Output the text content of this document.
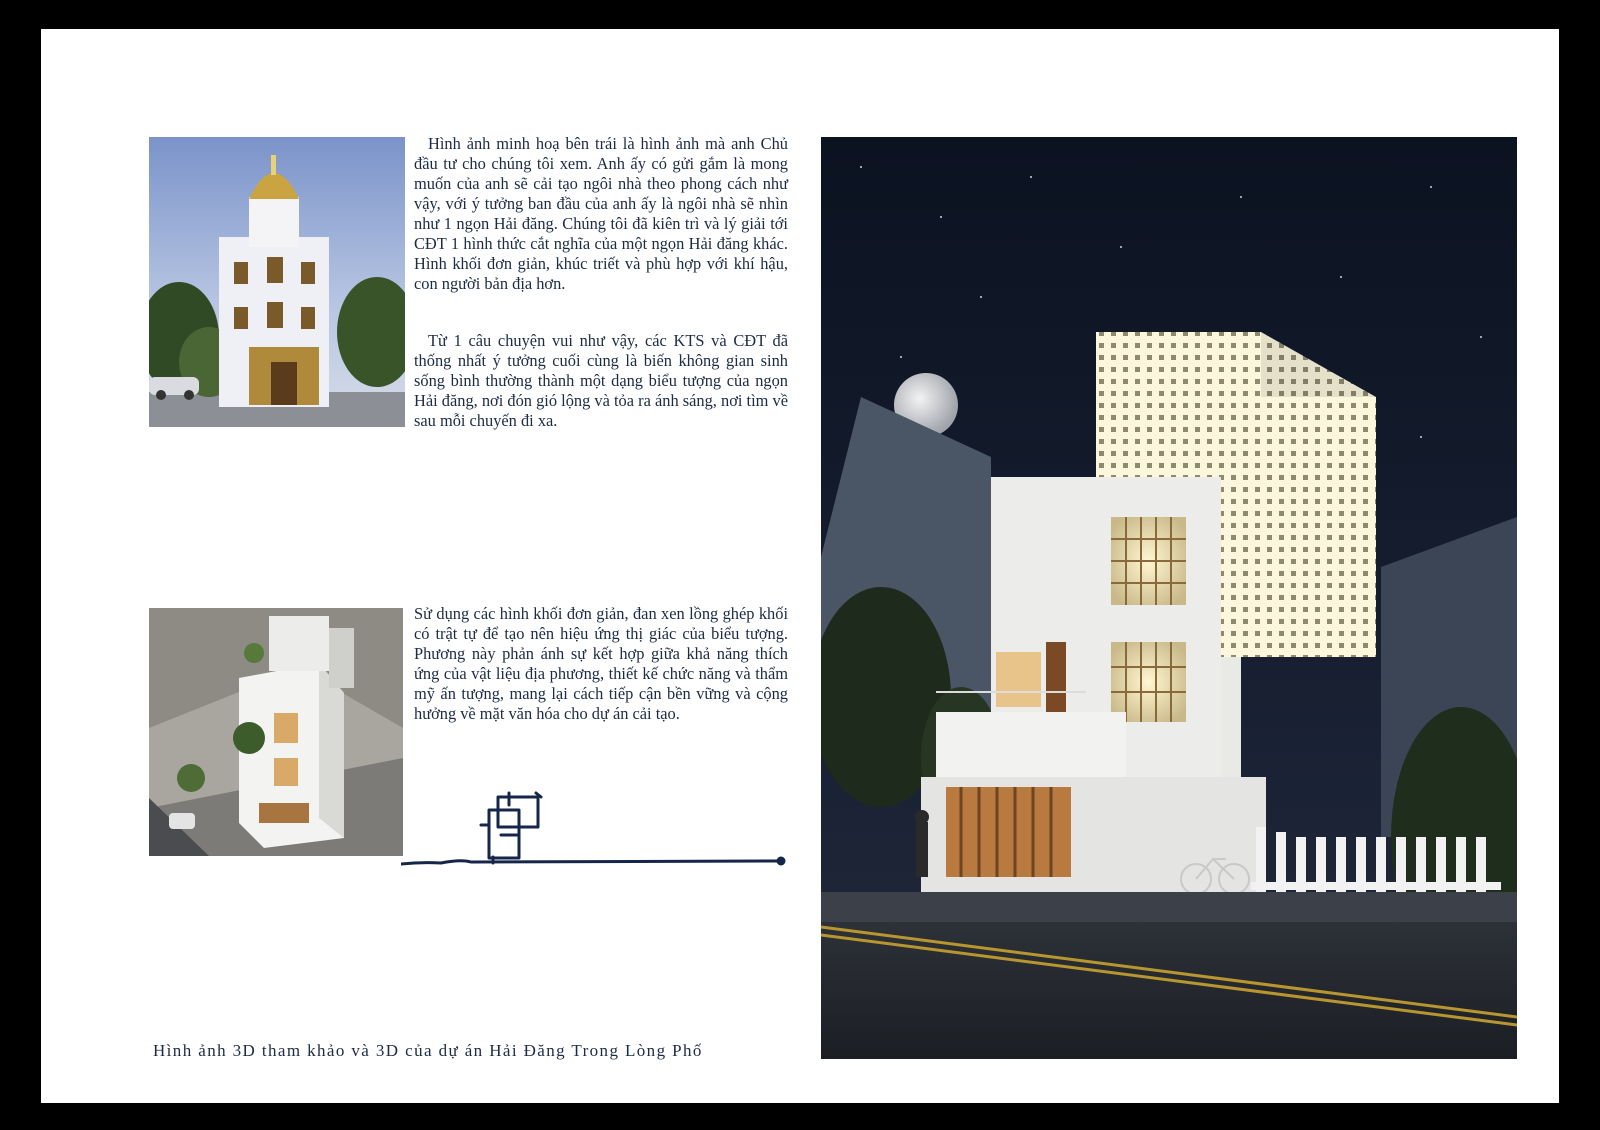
Hình ảnh minh hoạ bên trái là hình ảnh mà anh Chủ đầu tư cho chúng tôi xem. Anh ấy có gửi gắm là mong muốn của anh sẽ cải tạo ngôi nhà theo phong cách như vậy, với ý tưởng ban đầu của anh ấy là ngôi nhà sẽ nhìn như 1 ngọn Hải đăng. Chúng tôi đã kiên trì và lý giải tới CĐT 1 hình thức cắt nghĩa của một ngọn Hải đăng khác. Hình khối đơn giản, khúc triết và phù hợp với khí hậu, con người bản địa hơn.

Từ 1 câu chuyện vui như vậy, các KTS và CĐT đã thống nhất ý tưởng cuối cùng là biến không gian sinh sống bình thường thành một dạng biểu tượng của ngọn Hải đăng, nơi đón gió lộng và tỏa ra ánh sáng, nơi tìm về sau mỗi chuyến đi xa.

Sử dụng các hình khối đơn giản, đan xen lồng ghép khối có trật tự để tạo nên hiệu ứng thị giác của biểu tượng. Phương này phản ánh sự kết hợp giữa khả năng thích ứng của vật liệu địa phương, thiết kế chức năng và thẩm mỹ ấn tượng, mang lại cách tiếp cận bền vững và cộng hưởng về mặt văn hóa cho dự án cải tạo.

Hình ảnh 3D tham khảo và 3D của dự án Hải Đăng Trong Lòng Phố
